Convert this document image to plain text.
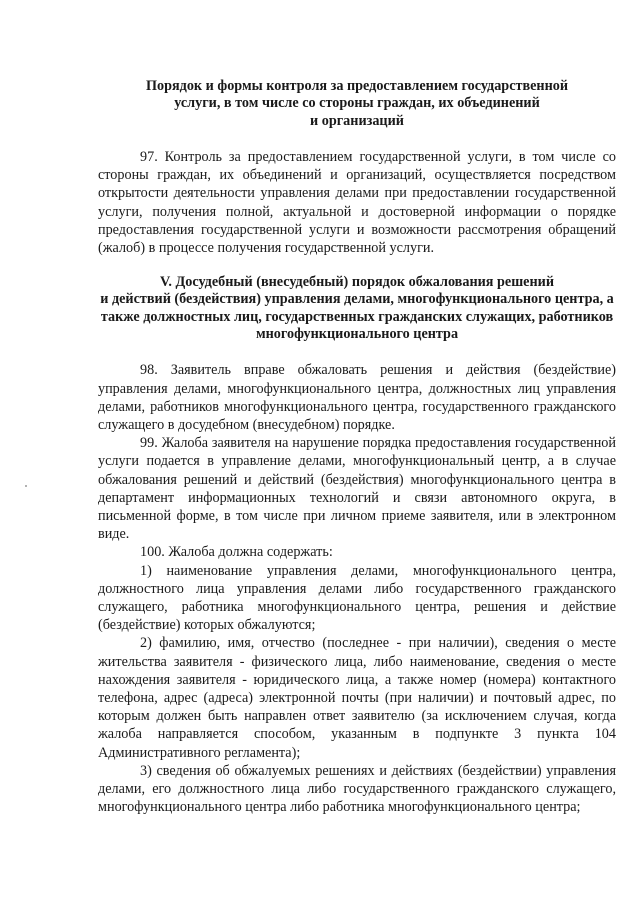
Порядок и формы контроля за предоставлением государственной
услуги, в том числе со стороны граждан, их объединений
и организаций

97. Контроль за предоставлением государственной услуги, в том числе со стороны граждан, их объединений и организаций, осуществляется посредством открытости деятельности управления делами при предоставлении государственной услуги, получения полной, актуальной и достоверной информации о порядке предоставления государственной услуги и возможности рассмотрения обращений (жалоб) в процессе получения государственной услуги.

V. Досудебный (внесудебный) порядок обжалования решений
и действий (бездействия) управления делами, многофункционального центра, а
также должностных лиц, государственных гражданских служащих, работников
многофункционального центра

98. Заявитель вправе обжаловать решения и действия (бездействие) управления делами, многофункционального центра, должностных лиц управления делами, работников многофункционального центра, государственного гражданского служащего в досудебном (внесудебном) порядке.

99. Жалоба заявителя на нарушение порядка предоставления государственной услуги подается в управление делами, многофункциональный центр, а в случае обжалования решений и действий (бездействия) многофункционального центра в департамент информационных технологий и связи автономного округа, в письменной форме, в том числе при личном приеме заявителя, или в электронном виде.

100. Жалоба должна содержать:

1) наименование управления делами, многофункционального центра, должностного лица управления делами либо государственного гражданского служащего, работника многофункционального центра, решения и действие (бездействие) которых обжалуются;

2) фамилию, имя, отчество (последнее - при наличии), сведения о месте жительства заявителя - физического лица, либо наименование, сведения о месте нахождения заявителя - юридического лица, а также номер (номера) контактного телефона, адрес (адреса) электронной почты (при наличии) и почтовый адрес, по которым должен быть направлен ответ заявителю (за исключением случая, когда жалоба направляется способом, указанным в подпункте 3 пункта 104 Административного регламента);

3) сведения об обжалуемых решениях и действиях (бездействии) управления делами, его должностного лица либо государственного гражданского служащего, многофункционального центра либо работника многофункционального центра;
